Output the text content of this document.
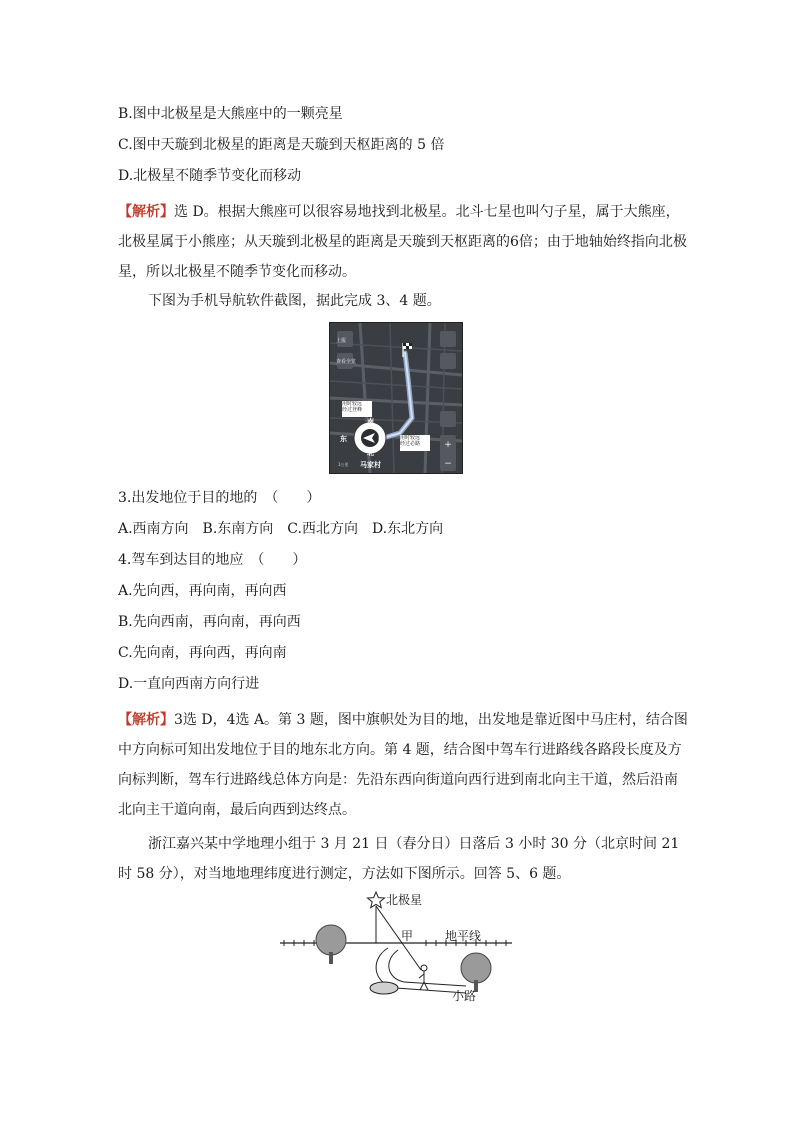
B.图中北极星是大熊座中的一颗亮星
C.图中天璇到北极星的距离是天璇到天枢距离的 5 倍
D.北极星不随季节变化而移动
【解析】选 D。根据大熊座可以很容易地找到北极星。北斗七星也叫勺子星，属于大熊座，北极星属于小熊座；从天璇到北极星的距离是天璇到天枢距离的6倍；由于地轴始终指向北极星，所以北极星不随季节变化而移动。
下图为手机导航软件截图，据此完成 3、4 题。
+
−
上报
查看全览
用时较远
经过登峰
用时较远
经过必路
南
北
东	西
马家村
1公里
3.出发地位于目的地的　（　　）
A.西南方向　B.东南方向　C.西北方向　D.东北方向
4.驾车到达目的地应　（　　）
A.先向西，再向南，再向西
B.先向西南，再向南，再向西
C.先向南，再向西，再向南
D.一直向西南方向行进
【解析】3选 D，4选 A。第 3 题，图中旗帜处为目的地，出发地是靠近图中马庄村，结合图中方向标可知出发地位于目的地东北方向。第 4 题，结合图中驾车行进路线各路段长度及方向标判断，驾车行进路线总体方向是：先沿东西向街道向西行进到南北向主干道，然后沿南北向主干道向南，最后向西到达终点。
浙江嘉兴某中学地理小组于 3 月 21 日（春分日）日落后 3 小时 30 分（北京时间 21 时 58 分），对当地地理纬度进行测定，方法如下图所示。回答 5、6 题。
北极星
甲	地平线
小路
